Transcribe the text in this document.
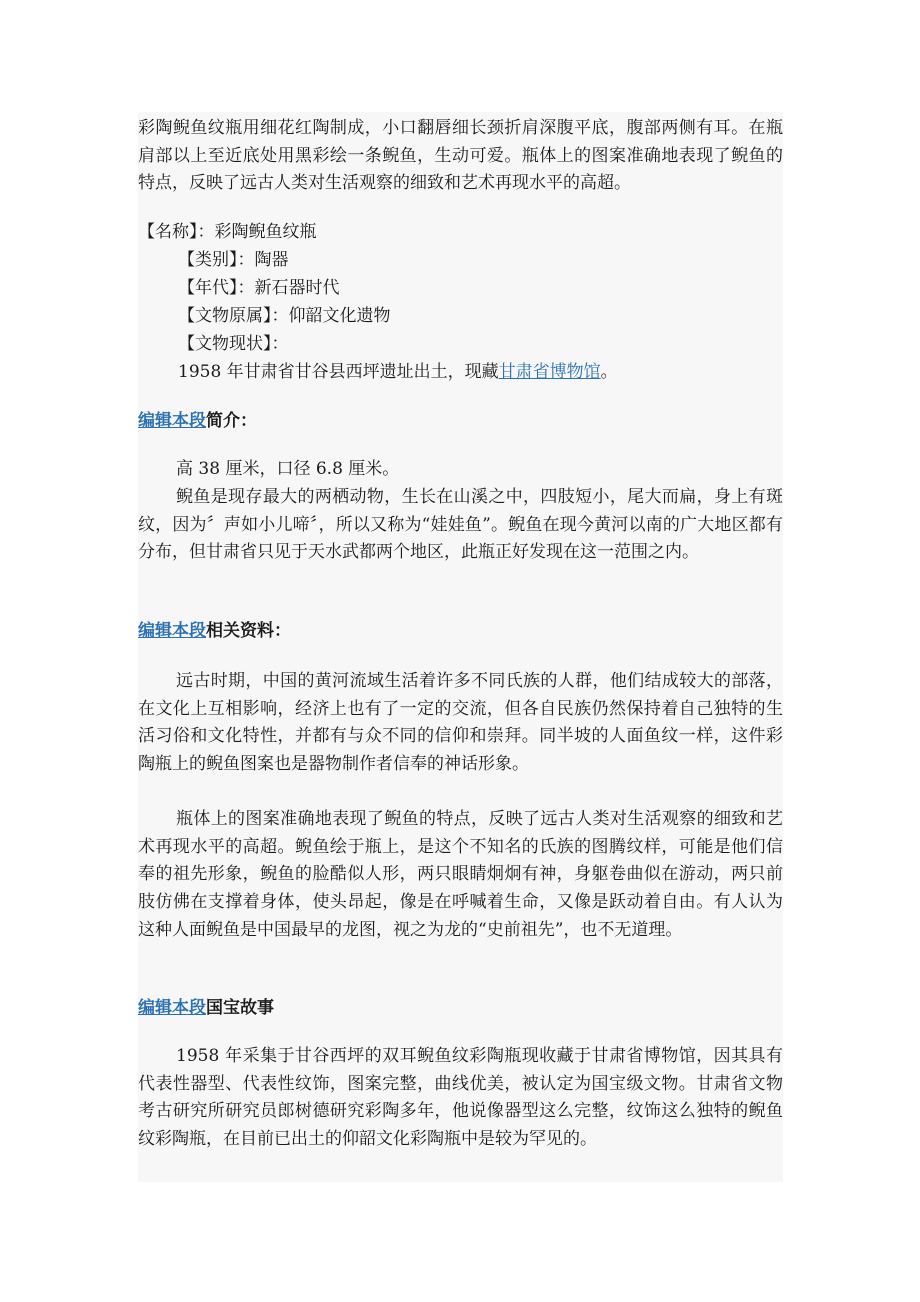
彩陶鲵鱼纹瓶用细花红陶制成，小口翻唇细长颈折肩深腹平底，腹部两侧有耳。在瓶肩部以上至近底处用黑彩绘一条鲵鱼，生动可爱。瓶体上的图案准确地表现了鲵鱼的特点，反映了远古人类对生活观察的细致和艺术再现水平的高超。

【名称】：彩陶鲵鱼纹瓶
【类别】：陶器
【年代】：新石器时代
【文物原属】：仰韶文化遗物
【文物现状】：
1958 年甘肃省甘谷县西坪遗址出土，现藏甘肃省博物馆。
编辑本段简介：

高 38 厘米，口径 6.8 厘米。

鲵鱼是现存最大的两栖动物，生长在山溪之中，四肢短小，尾大而扁，身上有斑纹，因为〞声如小儿啼〞，所以又称为“娃娃鱼”。鲵鱼在现今黄河以南的广大地区都有分布，但甘肃省只见于天水武都两个地区，此瓶正好发现在这一范围之内。

编辑本段相关资料：

远古时期，中国的黄河流域生活着许多不同氏族的人群，他们结成较大的部落，在文化上互相影响，经济上也有了一定的交流，但各自民族仍然保持着自己独特的生活习俗和文化特性，并都有与众不同的信仰和崇拜。同半坡的人面鱼纹一样，这件彩陶瓶上的鲵鱼图案也是器物制作者信奉的神话形象。

瓶体上的图案准确地表现了鲵鱼的特点，反映了远古人类对生活观察的细致和艺术再现水平的高超。鲵鱼绘于瓶上，是这个不知名的氏族的图腾纹样，可能是他们信奉的祖先形象，鲵鱼的脸酷似人形，两只眼睛炯炯有神，身躯卷曲似在游动，两只前肢仿佛在支撑着身体，使头昂起，像是在呼喊着生命，又像是跃动着自由。有人认为这种人面鲵鱼是中国最早的龙图，视之为龙的“史前祖先”，也不无道理。

编辑本段国宝故事

1958 年采集于甘谷西坪的双耳鲵鱼纹彩陶瓶现收藏于甘肃省博物馆，因其具有代表性器型、代表性纹饰，图案完整，曲线优美，被认定为国宝级文物。甘肃省文物考古研究所研究员郎树德研究彩陶多年，他说像器型这么完整，纹饰这么独特的鲵鱼纹彩陶瓶，在目前已出土的仰韶文化彩陶瓶中是较为罕见的。
